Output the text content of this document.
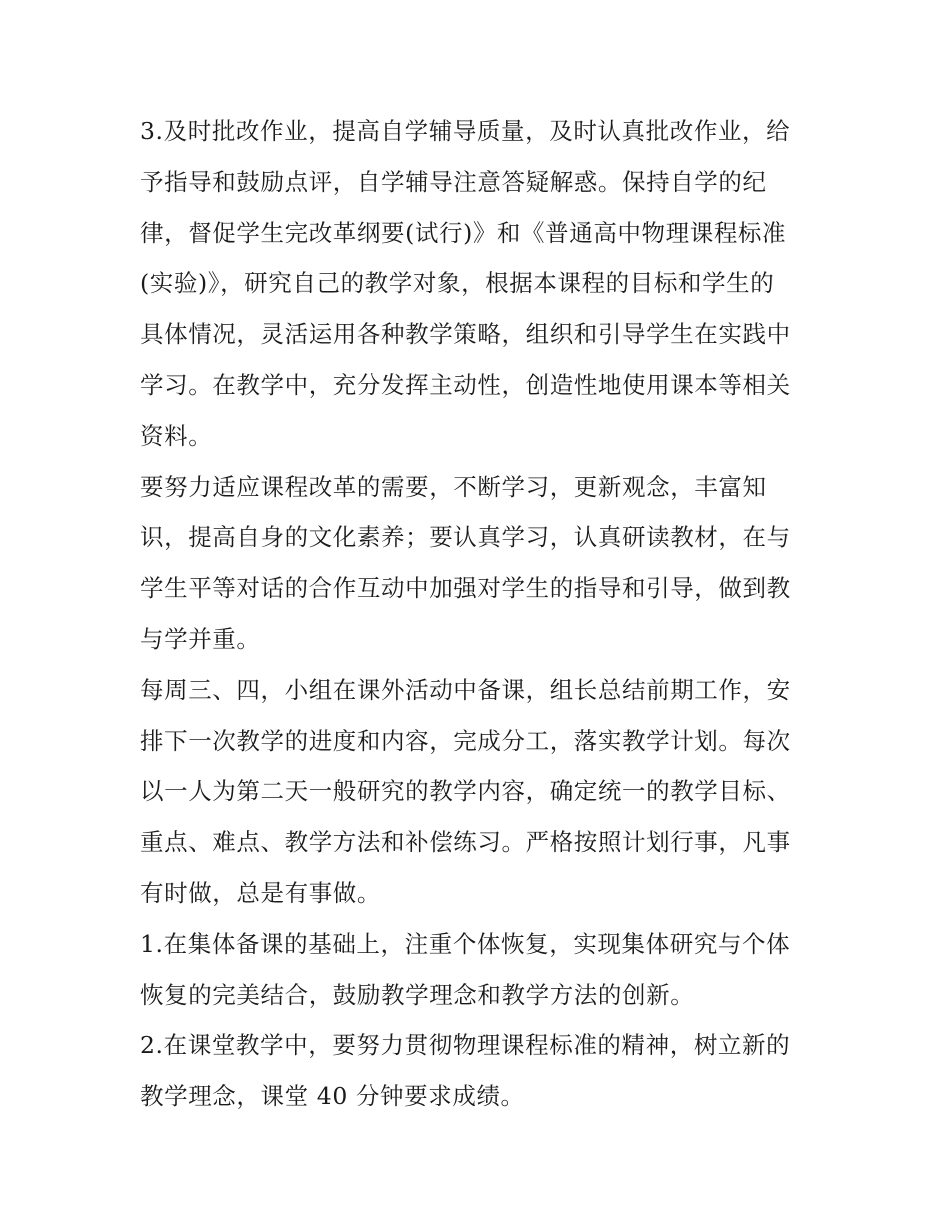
3.及时批改作业，提高自学辅导质量，及时认真批改作业，给
予指导和鼓励点评，自学辅导注意答疑解惑。保持自学的纪
律，督促学生完改革纲要(试行)》和《普通高中物理课程标准
(实验)》，研究自己的教学对象，根据本课程的目标和学生的
具体情况，灵活运用各种教学策略，组织和引导学生在实践中
学习。在教学中，充分发挥主动性，创造性地使用课本等相关
资料。

要努力适应课程改革的需要，不断学习，更新观念，丰富知
识，提高自身的文化素养；要认真学习，认真研读教材，在与
学生平等对话的合作互动中加强对学生的指导和引导，做到教
与学并重。

每周三、四，小组在课外活动中备课，组长总结前期工作，安
排下一次教学的进度和内容，完成分工，落实教学计划。每次
以一人为第二天一般研究的教学内容，确定统一的教学目标、
重点、难点、教学方法和补偿练习。严格按照计划行事，凡事
有时做，总是有事做。

1.在集体备课的基础上，注重个体恢复，实现集体研究与个体
恢复的完美结合，鼓励教学理念和教学方法的创新。

2.在课堂教学中，要努力贯彻物理课程标准的精神，树立新的
教学理念，课堂 40 分钟要求成绩。
